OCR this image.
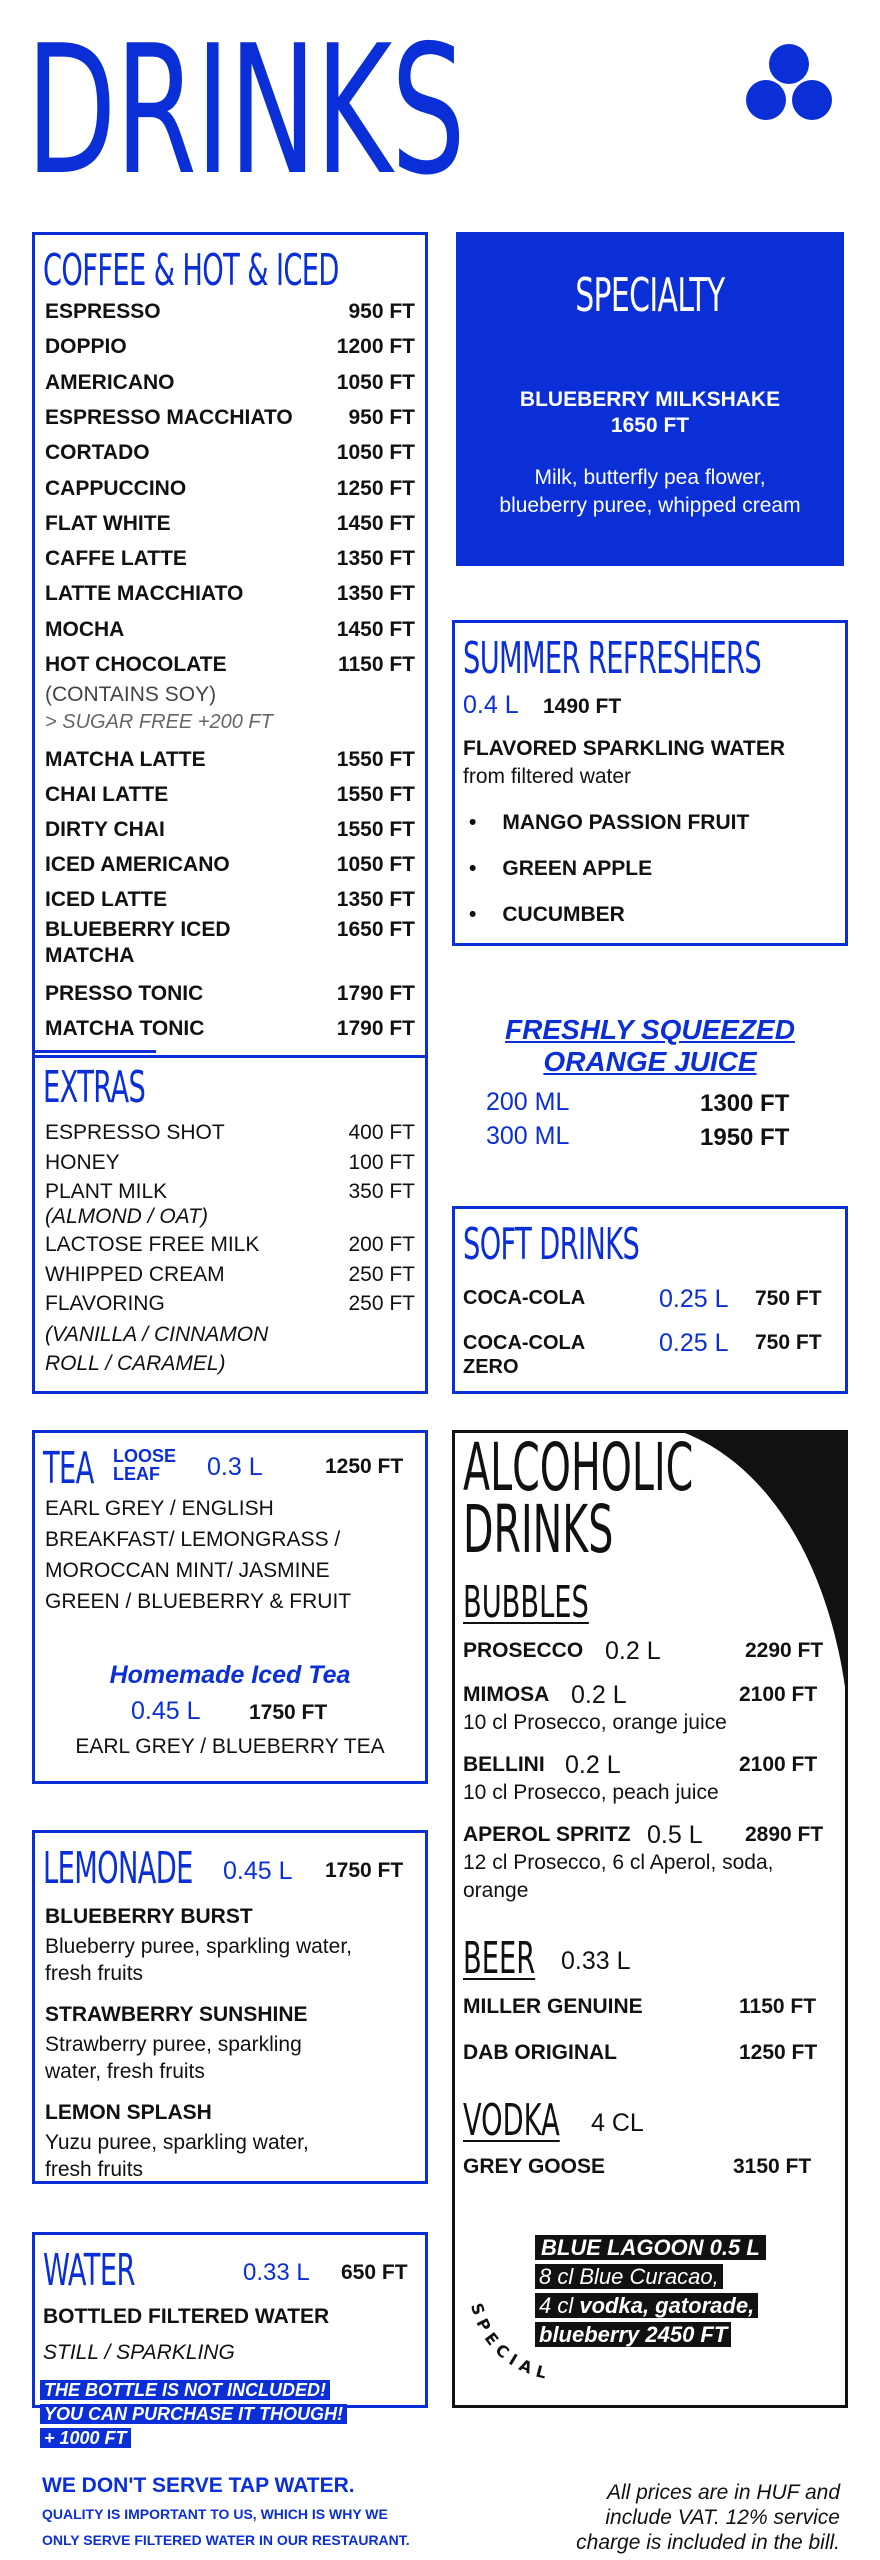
DRINKS
COFFEE & HOT & ICED
ESPRESSO	950 FT
DOPPIO	1200 FT
AMERICANO	1050 FT
ESPRESSO MACCHIATO	950 FT
CORTADO	1050 FT
CAPPUCCINO	1250 FT
FLAT WHITE	1450 FT
CAFFE LATTE	1350 FT
LATTE MACCHIATO	1350 FT
MOCHA	1450 FT
HOT CHOCOLATE	1150 FT
(CONTAINS SOY)
> SUGAR FREE +200 FT
MATCHA LATTE	1550 FT
CHAI LATTE	1550 FT
DIRTY CHAI	1550 FT
ICED AMERICANO	1050 FT
ICED LATTE	1350 FT
BLUEBERRY ICED
MATCHA
1650 FT
PRESSO TONIC	1790 FT
MATCHA TONIC	1790 FT
EXTRAS
ESPRESSO SHOT	400 FT
HONEY	100 FT
PLANT MILK	350 FT
(ALMOND / OAT)
LACTOSE FREE MILK	200 FT
WHIPPED CREAM	250 FT
FLAVORING	250 FT
(VANILLA / CINNAMON
ROLL / CARAMEL)
SPECIALTY
BLUEBERRY MILKSHAKE
1650 FT
Milk, butterfly pea flower,
blueberry puree, whipped cream
SUMMER REFRESHERS
0.4 L 1490 FT
FLAVORED SPARKLING WATER
from filtered water
• MANGO PASSION FRUIT
• GREEN APPLE
• CUCUMBER
FRESHLY SQUEEZED
ORANGE JUICE
200 ML	1300 FT
300 ML	1950 FT
SOFT DRINKS
COCA-COLA	0.25 L 750 FT
COCA-COLA
ZERO
0.25 L 750 FT
TEA LOOSE
LEAF	0.3 L	1250 FT
EARL GREY / ENGLISH
BREAKFAST/ LEMONGRASS /
MOROCCAN MINT/ JASMINE
GREEN / BLUEBERRY & FRUIT
Homemade Iced Tea
0.45 L 1750 FT
EARL GREY / BLUEBERRY TEA
LEMONADE 0.45 L 1750 FT
BLUEBERRY BURST
Blueberry puree, sparkling water,
fresh fruits
STRAWBERRY SUNSHINE
Strawberry puree, sparkling
water, fresh fruits
LEMON SPLASH
Yuzu puree, sparkling water,
fresh fruits
WATER	0.33 L 650 FT
BOTTLED FILTERED WATER
STILL / SPARKLING
THE BOTTLE IS NOT INCLUDED!
YOU CAN PURCHASE IT THOUGH!
+ 1000 FT
ALCOHOLIC
DRINKS
BUBBLES
PROSECCO 0.2 L	2290 FT
MIMOSA 0.2 L	2100 FT
10 cl Prosecco, orange juice
BELLINI 0.2 L	2100 FT
10 cl Prosecco, peach juice
APEROL SPRITZ 0.5 L 2890 FT
12 cl Prosecco, 6 cl Aperol, soda,
orange
BEER 0.33 L
MILLER GENUINE	1150 FT
DAB ORIGINAL	1250 FT
VODKA 4 CL
GREY GOOSE	3150 FT
BLUE LAGOON 0.5 L
8 cl Blue Curacao,
4 cl vodka, gatorade,
blueberry 2450 FT
SPECIAL
WE DON'T SERVE TAP WATER.
QUALITY IS IMPORTANT TO US, WHICH IS WHY WE
ONLY SERVE FILTERED WATER IN OUR RESTAURANT.
All prices are in HUF and
include VAT. 12% service
charge is included in the bill.
